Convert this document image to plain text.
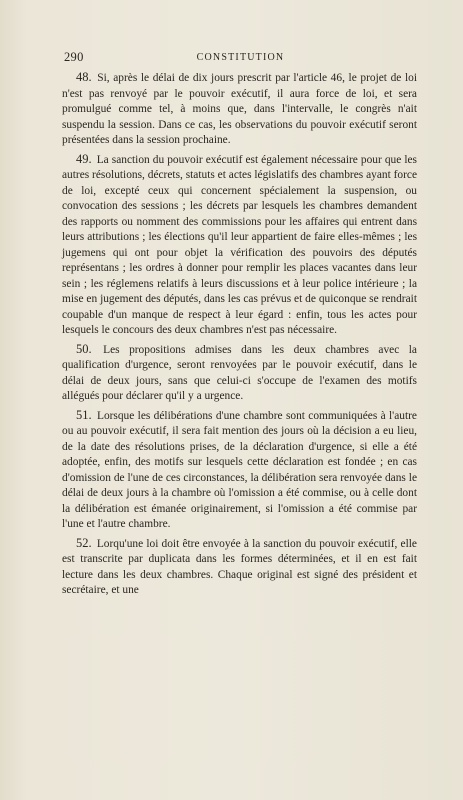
290	CONSTITUTION

48. Si, après le délai de dix jours prescrit par l'article 46, le projet de loi n'est pas renvoyé par le pouvoir exécutif, il aura force de loi, et sera promulgué comme tel, à moins que, dans l'intervalle, le congrès n'ait suspendu la session. Dans ce cas, les observations du pouvoir exécutif seront présentées dans la session prochaine.

49. La sanction du pouvoir exécutif est également nécessaire pour que les autres résolutions, décrets, statuts et actes législatifs des chambres ayant force de loi, excepté ceux qui concernent spécialement la suspension, ou convocation des sessions ; les décrets par lesquels les chambres demandent des rapports ou nomment des commissions pour les affaires qui entrent dans leurs attributions ; les élections qu'il leur appartient de faire elles-mêmes ; les jugemens qui ont pour objet la vérification des pouvoirs des députés représentans ; les ordres à donner pour remplir les places vacantes dans leur sein ; les réglemens relatifs à leurs discussions et à leur police intérieure ; la mise en jugement des députés, dans les cas prévus et de quiconque se rendrait coupable d'un manque de respect à leur égard : enfin, tous les actes pour lesquels le concours des deux chambres n'est pas nécessaire.

50. Les propositions admises dans les deux chambres avec la qualification d'urgence, seront renvoyées par le pouvoir exécutif, dans le délai de deux jours, sans que celui-ci s'occupe de l'examen des motifs allégués pour déclarer qu'il y a urgence.

51. Lorsque les délibérations d'une chambre sont communiquées à l'autre ou au pouvoir exécutif, il sera fait mention des jours où la décision a eu lieu, de la date des résolutions prises, de la déclaration d'urgence, si elle a été adoptée, enfin, des motifs sur lesquels cette déclaration est fondée ; en cas d'omission de l'une de ces circonstances, la délibération sera renvoyée dans le délai de deux jours à la chambre où l'omission a été commise, ou à celle dont la délibération est émanée originairement, si l'omission a été commise par l'une et l'autre chambre.

52. Lorqu'une loi doit être envoyée à la sanction du pouvoir exécutif, elle est transcrite par duplicata dans les formes déterminées, et il en est fait lecture dans les deux chambres. Chaque original est signé des président et secrétaire, et une
